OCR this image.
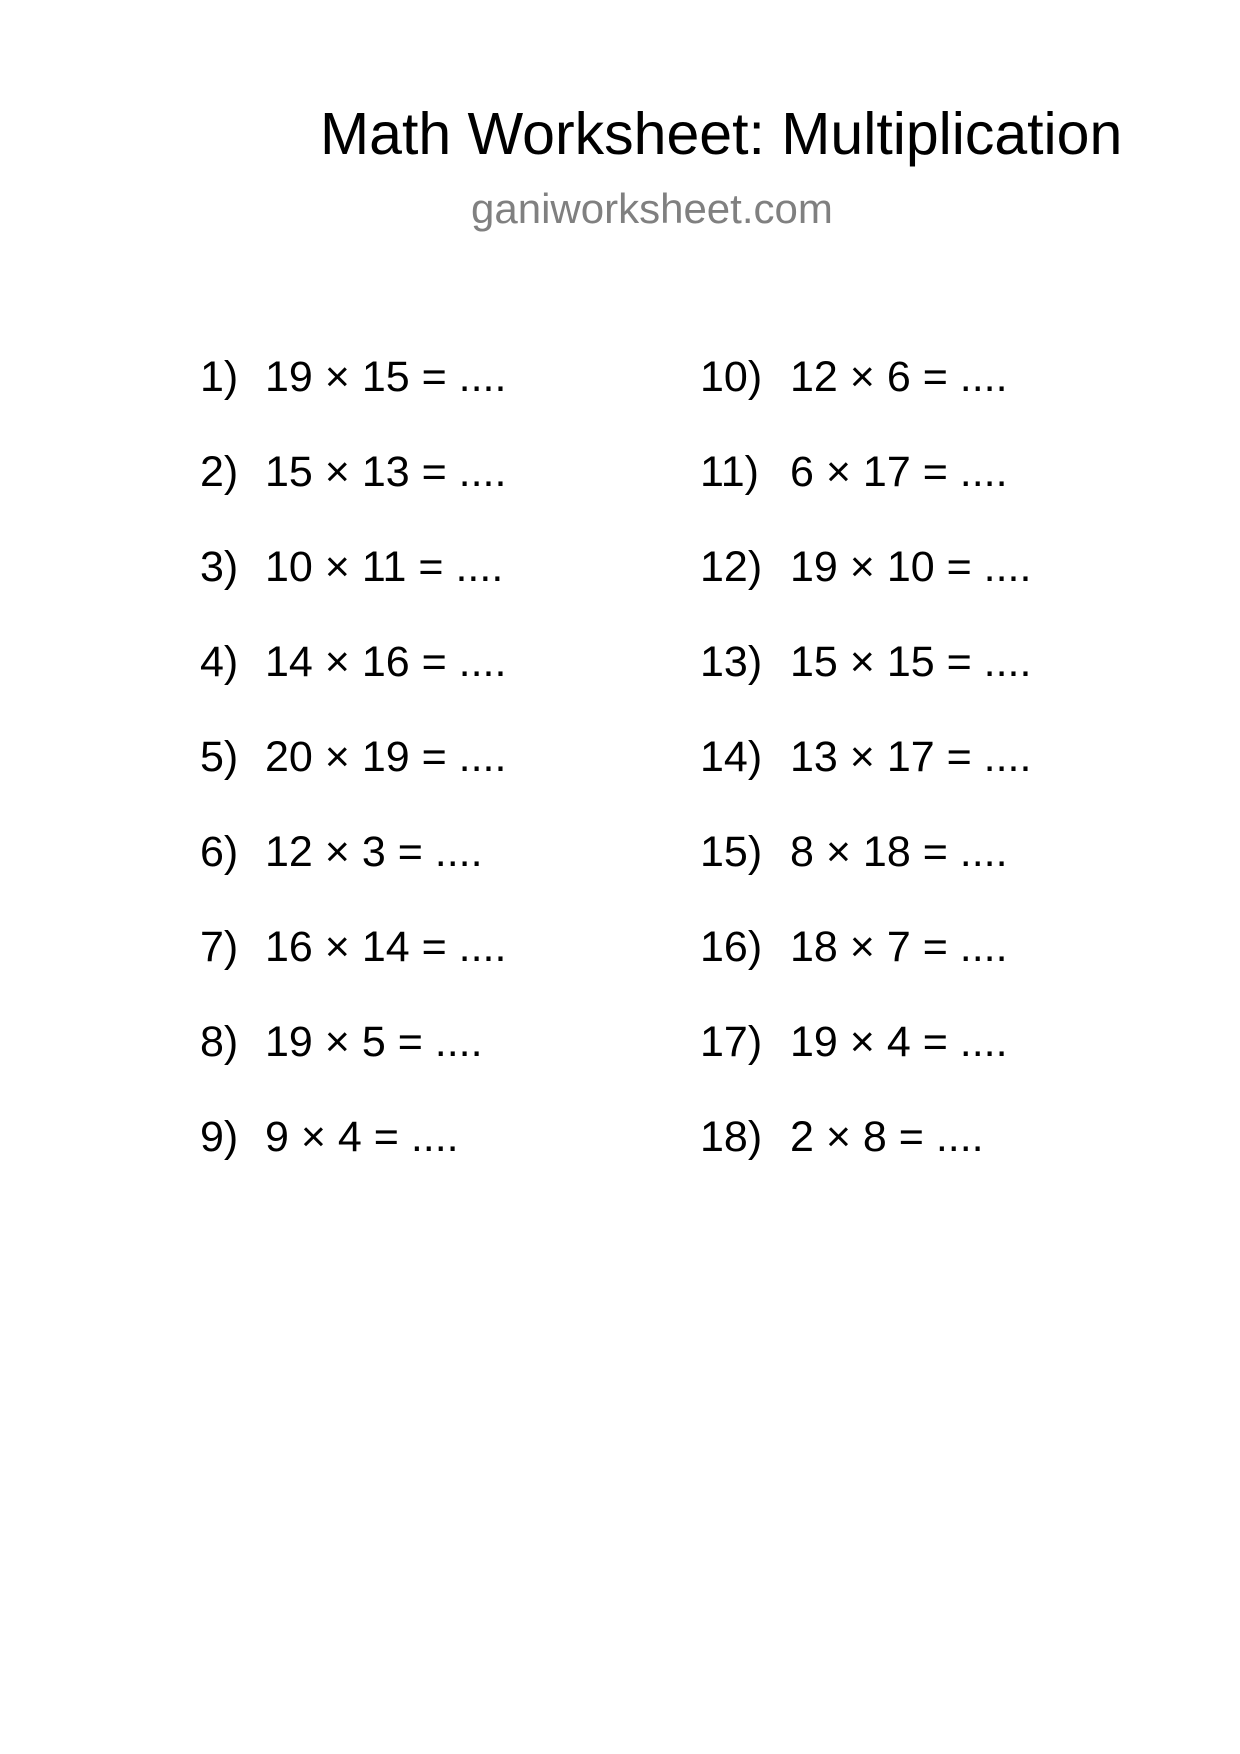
Math Worksheet: Multiplication
ganiworksheet.com
1) 19 × 15 = ....
2) 15 × 13 = ....
3) 10 × 11 = ....
4) 14 × 16 = ....
5) 20 × 19 = ....
6) 12 × 3 = ....
7) 16 × 14 = ....
8) 19 × 5 = ....
9) 9 × 4 = ....
10) 12 × 6 = ....
11) 6 × 17 = ....
12) 19 × 10 = ....
13) 15 × 15 = ....
14) 13 × 17 = ....
15) 8 × 18 = ....
16) 18 × 7 = ....
17) 19 × 4 = ....
18) 2 × 8 = ....
